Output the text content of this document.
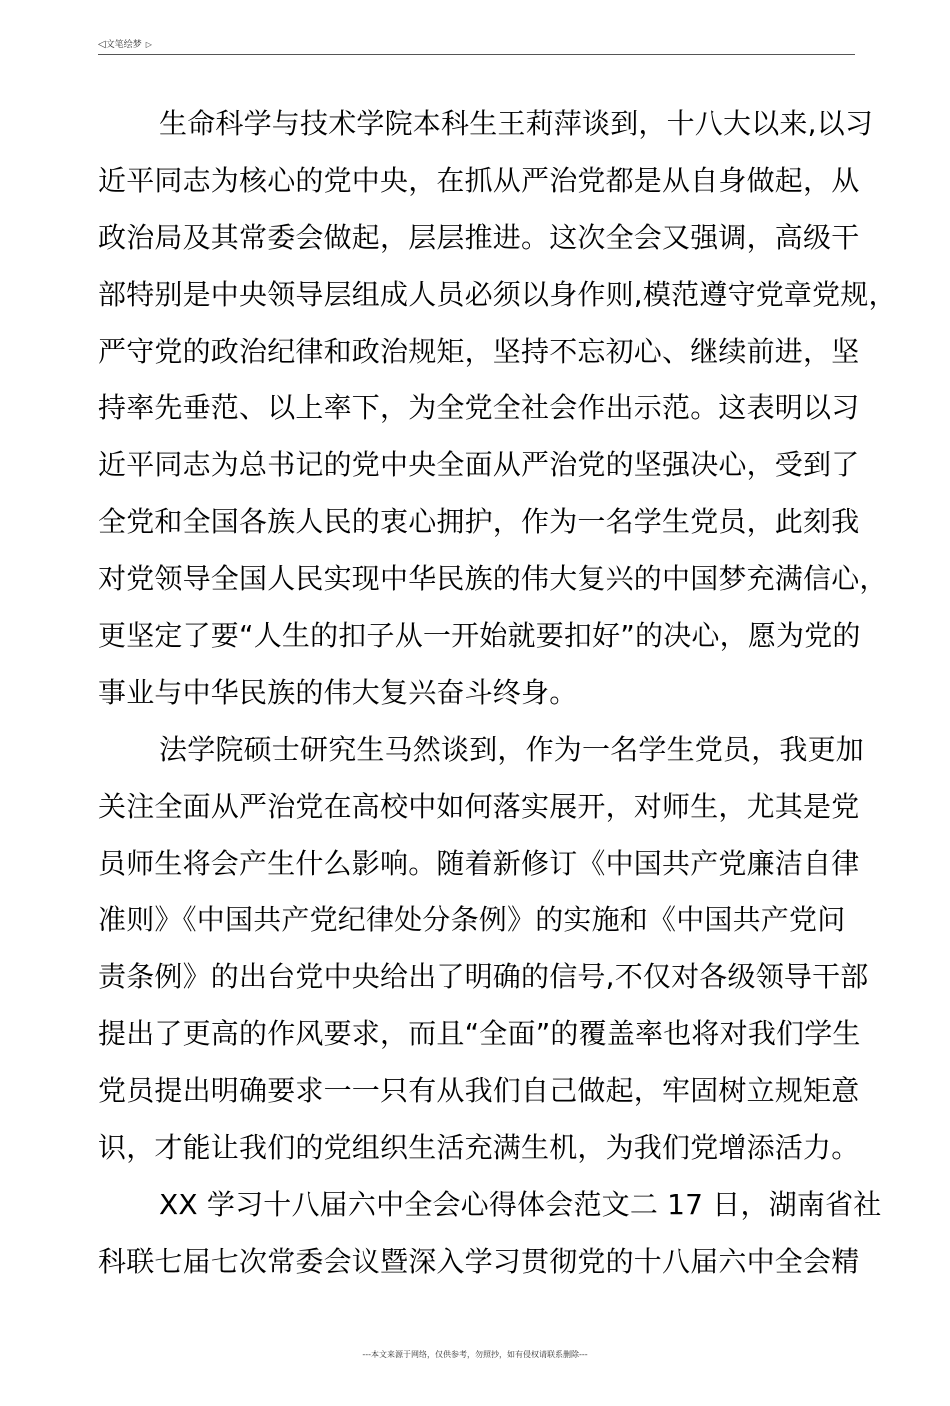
◁文笔绘梦 ▷
生命科学与技术学院本科生王莉萍谈到，十八大以来,以习
近平同志为核心的党中央，在抓从严治党都是从自身做起，从
政治局及其常委会做起，层层推进。这次全会又强调，高级干
部特别是中央领导层组成人员必须以身作则,模范遵守党章党规，
严守党的政治纪律和政治规矩，坚持不忘初心、继续前进，坚
持率先垂范、以上率下，为全党全社会作出示范。这表明以习
近平同志为总书记的党中央全面从严治党的坚强决心，受到了
全党和全国各族人民的衷心拥护，作为一名学生党员，此刻我
对党领导全国人民实现中华民族的伟大复兴的中国梦充满信心，
更坚定了要“人生的扣子从一开始就要扣好”的决心，愿为党的
事业与中华民族的伟大复兴奋斗终身。
法学院硕士研究生马然谈到，作为一名学生党员，我更加
关注全面从严治党在高校中如何落实展开，对师生，尤其是党
员师生将会产生什么影响。随着新修订《中国共产党廉洁自律
准则》《中国共产党纪律处分条例》的实施和《中国共产党问
责条例》的出台党中央给出了明确的信号,不仅对各级领导干部
提出了更高的作风要求，而且“全面”的覆盖率也将对我们学生
党员提出明确要求一一只有从我们自己做起，牢固树立规矩意
识，才能让我们的党组织生活充满生机，为我们党增添活力。
XX 学习十八届六中全会心得体会范文二 17 日，湖南省社
科联七届七次常委会议暨深入学习贯彻党的十八届六中全会精
---本文来源于网络，仅供参考，勿照抄，如有侵权请联系删除---
